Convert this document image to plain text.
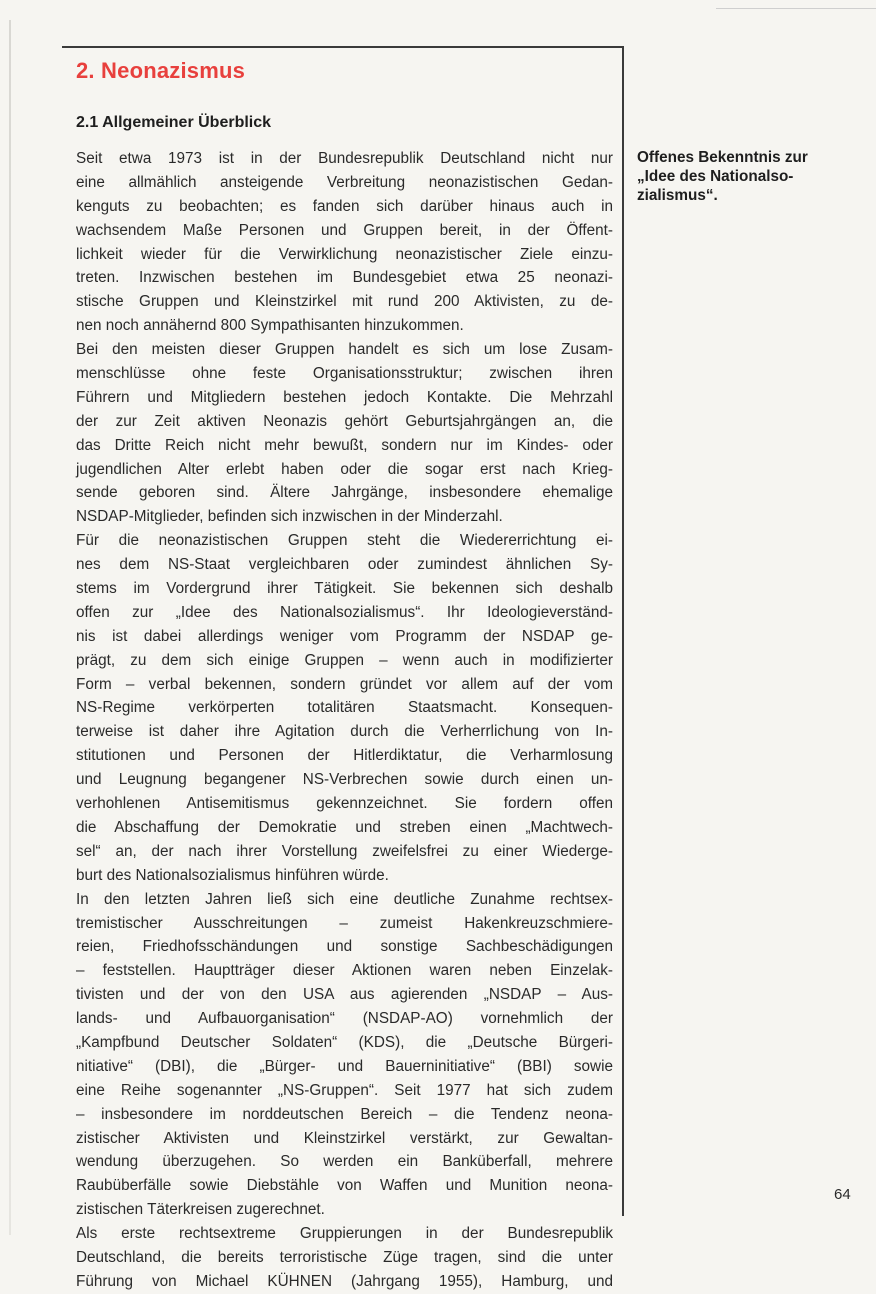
2. Neonazismus
2.1 Allgemeiner Überblick
Seit etwa 1973 ist in der Bundesrepublik Deutschland nicht nur
eine allmählich ansteigende Verbreitung neonazistischen Gedan-
kenguts zu beobachten; es fanden sich darüber hinaus auch in
wachsendem Maße Personen und Gruppen bereit, in der Öffent-
lichkeit wieder für die Verwirklichung neonazistischer Ziele einzu-
treten. Inzwischen bestehen im Bundesgebiet etwa 25 neonazi-
stische Gruppen und Kleinstzirkel mit rund 200 Aktivisten, zu de-
nen noch annähernd 800 Sympathisanten hinzukommen.
Bei den meisten dieser Gruppen handelt es sich um lose Zusam-
menschlüsse ohne feste Organisationsstruktur; zwischen ihren
Führern und Mitgliedern bestehen jedoch Kontakte. Die Mehrzahl
der zur Zeit aktiven Neonazis gehört Geburtsjahrgängen an, die
das Dritte Reich nicht mehr bewußt, sondern nur im Kindes- oder
jugendlichen Alter erlebt haben oder die sogar erst nach Krieg-
sende geboren sind. Ältere Jahrgänge, insbesondere ehemalige
NSDAP-Mitglieder, befinden sich inzwischen in der Minderzahl.
Für die neonazistischen Gruppen steht die Wiedererrichtung ei-
nes dem NS-Staat vergleichbaren oder zumindest ähnlichen Sy-
stems im Vordergrund ihrer Tätigkeit. Sie bekennen sich deshalb
offen zur „Idee des Nationalsozialismus“. Ihr Ideologieverständ-
nis ist dabei allerdings weniger vom Programm der NSDAP ge-
prägt, zu dem sich einige Gruppen – wenn auch in modifizierter
Form – verbal bekennen, sondern gründet vor allem auf der vom
NS-Regime verkörperten totalitären Staatsmacht. Konsequen-
terweise ist daher ihre Agitation durch die Verherrlichung von In-
stitutionen und Personen der Hitlerdiktatur, die Verharmlosung
und Leugnung begangener NS-Verbrechen sowie durch einen un-
verhohlenen Antisemitismus gekennzeichnet. Sie fordern offen
die Abschaffung der Demokratie und streben einen „Machtwech-
sel“ an, der nach ihrer Vorstellung zweifelsfrei zu einer Wiederge-
burt des Nationalsozialismus hinführen würde.
In den letzten Jahren ließ sich eine deutliche Zunahme rechtsex-
tremistischer Ausschreitungen – zumeist Hakenkreuzschmiere-
reien, Friedhofsschändungen und sonstige Sachbeschädigungen
– feststellen. Hauptträger dieser Aktionen waren neben Einzelak-
tivisten und der von den USA aus agierenden „NSDAP – Aus-
lands- und Aufbauorganisation“ (NSDAP-AO) vornehmlich der
„Kampfbund Deutscher Soldaten“ (KDS), die „Deutsche Bürgeri-
nitiative“ (DBI), die „Bürger- und Bauerninitiative“ (BBI) sowie
eine Reihe sogenannter „NS-Gruppen“. Seit 1977 hat sich zudem
– insbesondere im norddeutschen Bereich – die Tendenz neona-
zistischer Aktivisten und Kleinstzirkel verstärkt, zur Gewaltan-
wendung überzugehen. So werden ein Banküberfall, mehrere
Raubüberfälle sowie Diebstähle von Waffen und Munition neona-
zistischen Täterkreisen zugerechnet.
Als erste rechtsextreme Gruppierungen in der Bundesrepublik
Deutschland, die bereits terroristische Züge tragen, sind die unter
Führung von Michael KÜHNEN (Jahrgang 1955), Hamburg, und
Offenes Bekenntnis zur
„Idee des Nationalso-
zialismus“.
64
